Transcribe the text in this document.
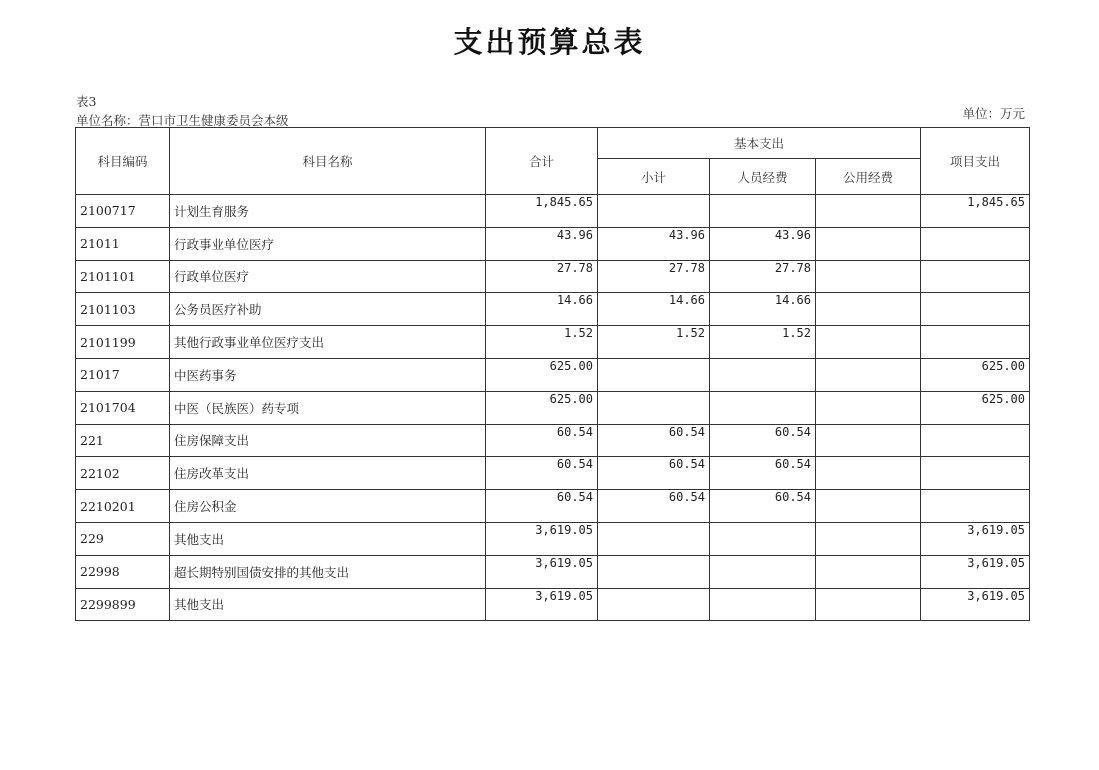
支出预算总表
表3
单位名称：营口市卫生健康委员会本级	单位：万元
科目编码	科目名称	合计	基本支出			项目支出
			小计	人员经费	公用经费	
2100717	计划生育服务	1,845.65				1,845.65
21011	行政事业单位医疗	43.96	43.96	43.96		
2101101	行政单位医疗	27.78	27.78	27.78		
2101103	公务员医疗补助	14.66	14.66	14.66		
2101199	其他行政事业单位医疗支出	1.52	1.52	1.52		
21017	中医药事务	625.00				625.00
2101704	中医（民族医）药专项	625.00				625.00
221	住房保障支出	60.54	60.54	60.54		
22102	住房改革支出	60.54	60.54	60.54		
2210201	住房公积金	60.54	60.54	60.54		
229	其他支出	3,619.05				3,619.05
22998	超长期特别国债安排的其他支出	3,619.05				3,619.05
2299899	其他支出	3,619.05				3,619.05
